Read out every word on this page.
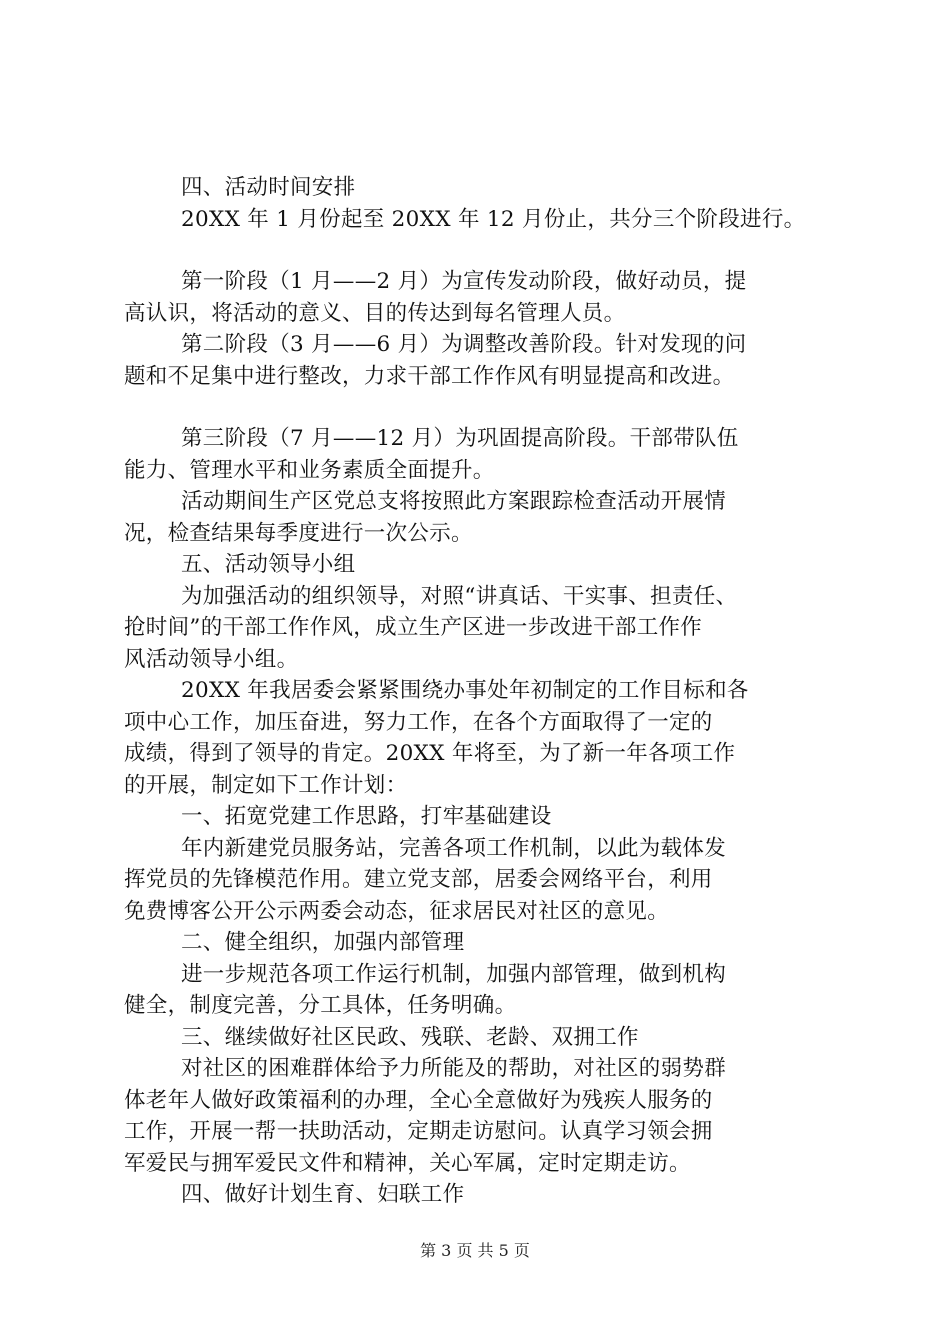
四、活动时间安排
20XX 年 1 月份起至 20XX 年 12 月份止，共分三个阶段进行。
第一阶段（1 月——2 月）为宣传发动阶段，做好动员，提
高认识，将活动的意义、目的传达到每名管理人员。
第二阶段（3 月——6 月）为调整改善阶段。针对发现的问
题和不足集中进行整改，力求干部工作作风有明显提高和改进。
第三阶段（7 月——12 月）为巩固提高阶段。干部带队伍
能力、管理水平和业务素质全面提升。
活动期间生产区党总支将按照此方案跟踪检查活动开展情
况，检查结果每季度进行一次公示。
五、活动领导小组
为加强活动的组织领导，对照“讲真话、干实事、担责任、
抢时间”的干部工作作风，成立生产区进一步改进干部工作作
风活动领导小组。
20XX 年我居委会紧紧围绕办事处年初制定的工作目标和各
项中心工作，加压奋进，努力工作，在各个方面取得了一定的
成绩，得到了领导的肯定。20XX 年将至，为了新一年各项工作
的开展，制定如下工作计划：
一、拓宽党建工作思路，打牢基础建设
年内新建党员服务站，完善各项工作机制，以此为载体发
挥党员的先锋模范作用。建立党支部，居委会网络平台，利用
免费博客公开公示两委会动态，征求居民对社区的意见。
二、健全组织，加强内部管理
进一步规范各项工作运行机制，加强内部管理，做到机构
健全，制度完善，分工具体，任务明确。
三、继续做好社区民政、残联、老龄、双拥工作
对社区的困难群体给予力所能及的帮助，对社区的弱势群
体老年人做好政策福利的办理，全心全意做好为残疾人服务的
工作，开展一帮一扶助活动，定期走访慰问。认真学习领会拥
军爱民与拥军爱民文件和精神，关心军属，定时定期走访。
四、做好计划生育、妇联工作
第 3 页 共 5 页
